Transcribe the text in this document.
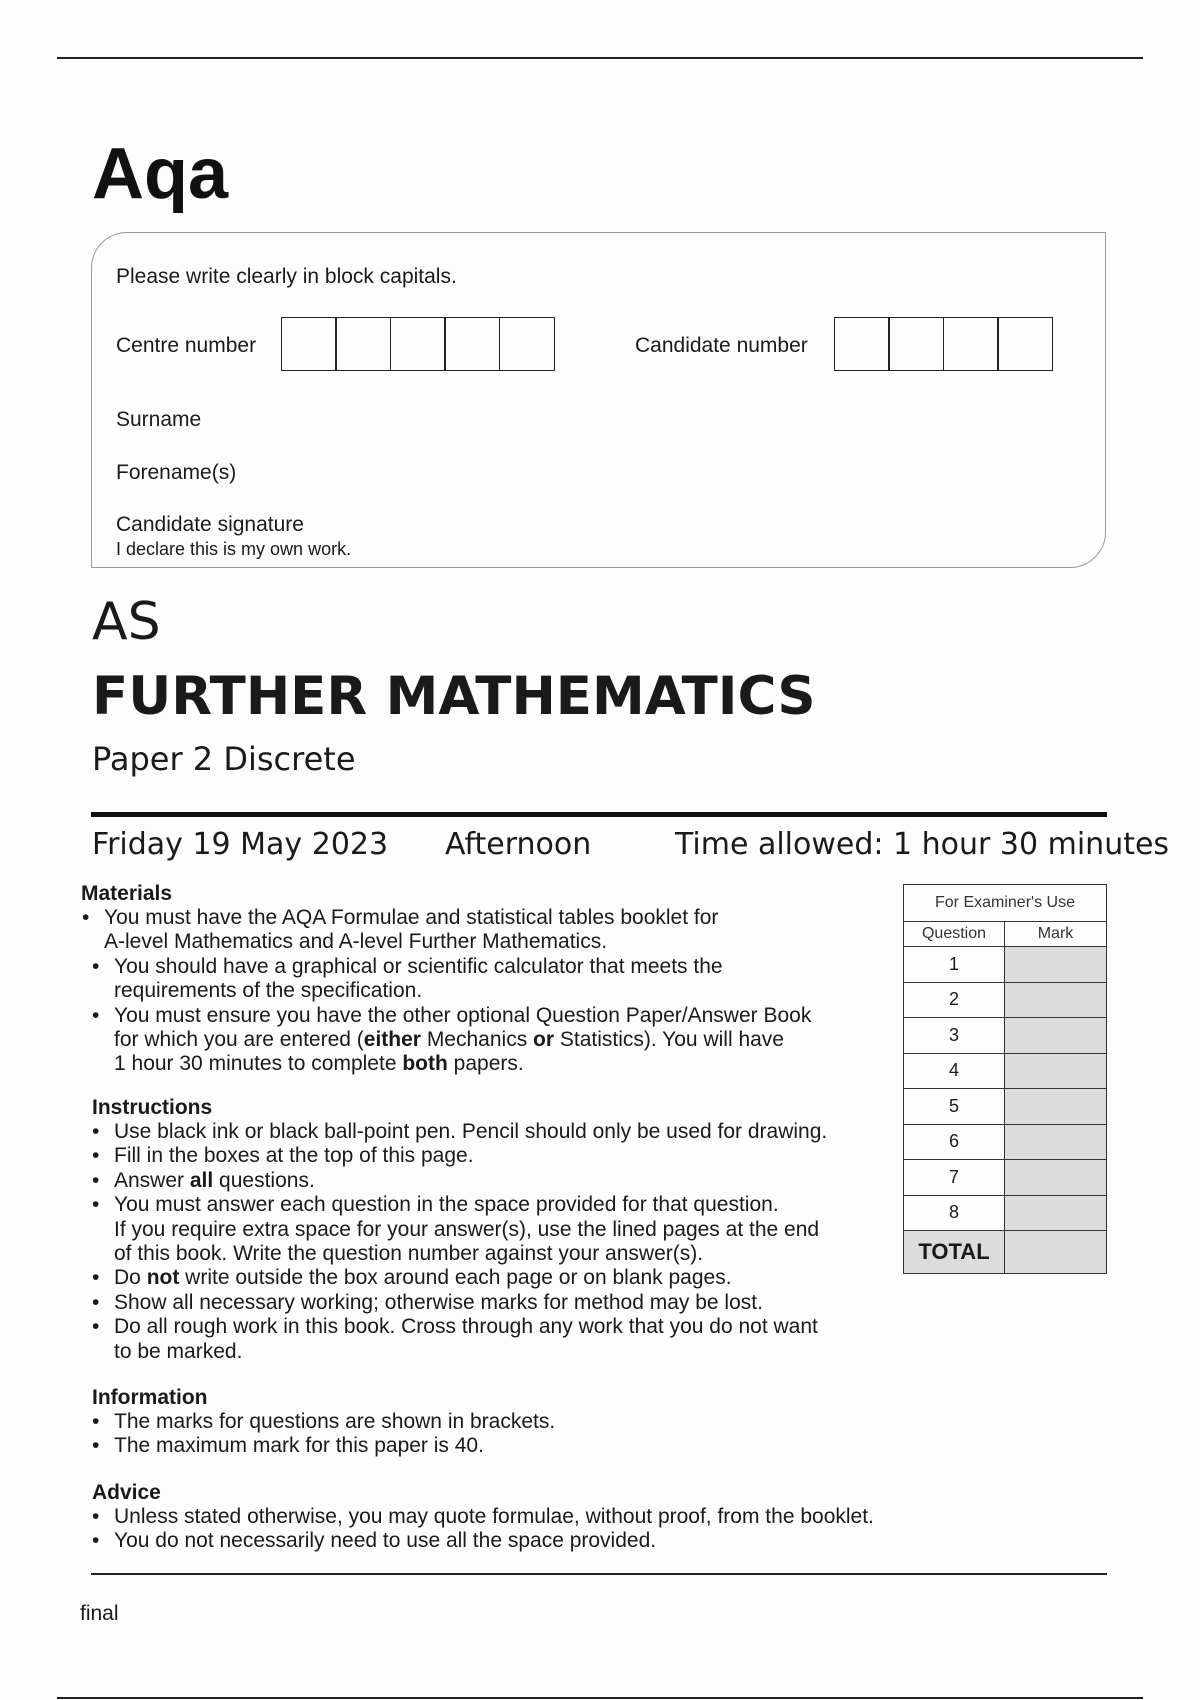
Aqa
Please write clearly in block capitals.
Centre number	Candidate number
Surname
Forename(s)
Candidate signature
I declare this is my own work.
AS
FURTHER MATHEMATICS
Paper 2 Discrete
Friday 19 May 2023 Afternoon	Time allowed: 1 hour 30 minutes
Materials
• You must have the AQA Formulae and statistical tables booklet for
A-level Mathematics and A-level Further Mathematics.
• You should have a graphical or scientific calculator that meets the
requirements of the specification.
• You must ensure you have the other optional Question Paper/Answer Book
for which you are entered (either Mechanics or Statistics). You will have
1 hour 30 minutes to complete both papers.
Instructions
• Use black ink or black ball-point pen. Pencil should only be used for drawing.
• Fill in the boxes at the top of this page.
• Answer all questions.
• You must answer each question in the space provided for that question.
If you require extra space for your answer(s), use the lined pages at the end
of this book. Write the question number against your answer(s).
• Do not write outside the box around each page or on blank pages.
• Show all necessary working; otherwise marks for method may be lost.
• Do all rough work in this book. Cross through any work that you do not want
to be marked.
Information
• The marks for questions are shown in brackets.
• The maximum mark for this paper is 40.
Advice
• Unless stated otherwise, you may quote formulae, without proof, from the booklet.
• You do not necessarily need to use all the space provided.
For Examiner's Use	
Question	Mark
1	
2	
3	
4	
5	
6	
7	
8	
TOTAL	
final
